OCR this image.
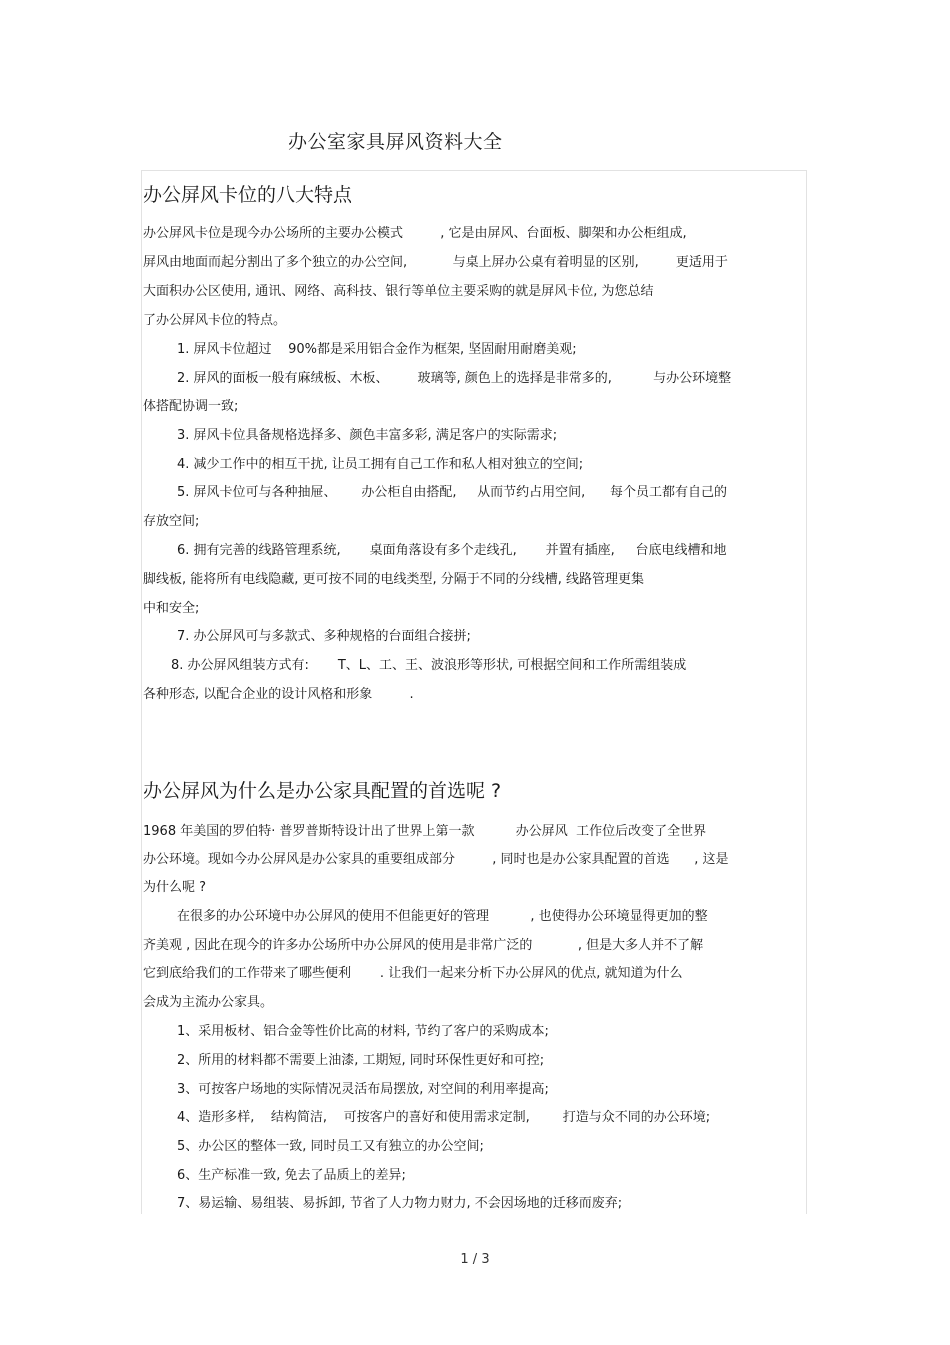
办公室家具屏风资料大全
办公屏风卡位的八大特点
办公屏风卡位是现今办公场所的主要办公模式         , 它是由屏风、台面板、脚架和办公柜组成,
屏风由地面而起分割出了多个独立的办公空间,           与桌上屏办公桌有着明显的区别,         更适用于
大面积办公区使用, 通讯、网络、高科技、银行等单位主要采购的就是屏风卡位, 为您总结
了办公屏风卡位的特点。
1. 屏风卡位超过    90%都是采用铝合金作为框架, 坚固耐用耐磨美观;
2. 屏风的面板一般有麻绒板、木板、       玻璃等, 颜色上的选择是非常多的,          与办公环境整
体搭配协调一致;
3. 屏风卡位具备规格选择多、颜色丰富多彩, 满足客户的实际需求;
4. 减少工作中的相互干扰, 让员工拥有自己工作和私人相对独立的空间;
5. 屏风卡位可与各种抽屉、      办公柜自由搭配,     从而节约占用空间,      每个员工都有自己的
存放空间;
6. 拥有完善的线路管理系统,       桌面角落设有多个走线孔,       并置有插座,     台底电线槽和地
脚线板, 能将所有电线隐藏, 更可按不同的电线类型, 分隔于不同的分线槽, 线路管理更集
中和安全;
7. 办公屏风可与多款式、多种规格的台面组合接拼;
8. 办公屏风组装方式有:       T、L、工、王、波浪形等形状, 可根据空间和工作所需组装成
各种形态, 以配合企业的设计风格和形象         .
办公屏风为什么是办公家具配置的首选呢 ?
1968 年美国的罗伯特· 普罗普斯特设计出了世界上第一款          办公屏风  工作位后改变了全世界
办公环境。现如今办公屏风是办公家具的重要组成部分         , 同时也是办公家具配置的首选      , 这是
为什么呢 ?
在很多的办公环境中办公屏风的使用不但能更好的管理          , 也使得办公环境显得更加的整
齐美观 , 因此在现今的许多办公场所中办公屏风的使用是非常广泛的           , 但是大多人并不了解
它到底给我们的工作带来了哪些便利       . 让我们一起来分析下办公屏风的优点, 就知道为什么
会成为主流办公家具。
1、采用板材、铝合金等性价比高的材料, 节约了客户的采购成本;
2、所用的材料都不需要上油漆, 工期短, 同时环保性更好和可控;
3、可按客户场地的实际情况灵活布局摆放, 对空间的利用率提高;
4、造形多样,    结构简洁,    可按客户的喜好和使用需求定制,        打造与众不同的办公环境;
5、办公区的整体一致, 同时员工又有独立的办公空间;
6、生产标准一致, 免去了品质上的差异;
7、易运输、易组装、易拆卸, 节省了人力物力财力, 不会因场地的迁移而废弃;
1 / 3
